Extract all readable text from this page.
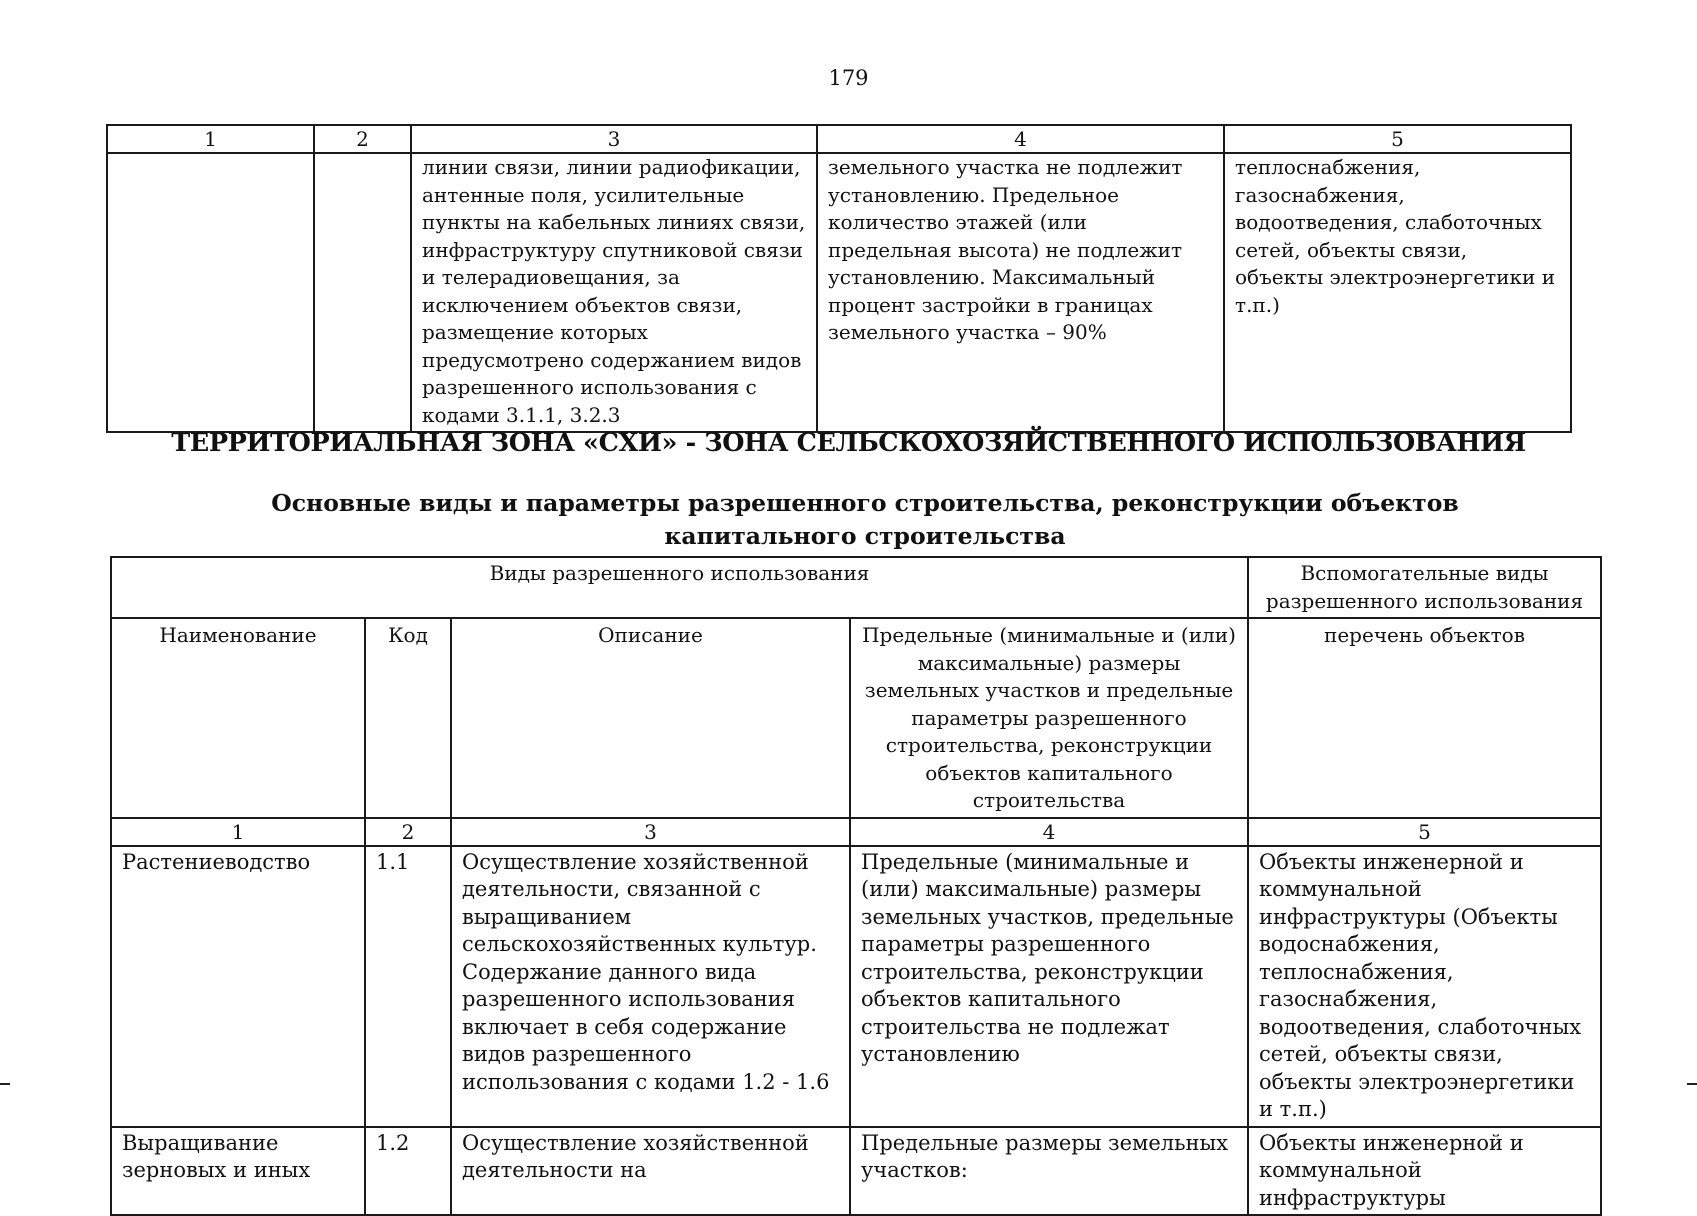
179
1	2	3	4	5
		линии связи, линии радиофикации, антенные поля, усилительные пункты на кабельных линиях связи, инфраструктуру спутниковой связи и телерадиовещания, за исключением объектов связи, размещение которых предусмотрено содержанием видов разрешенного использования с кодами 3.1.1, 3.2.3	земельного участка не подлежит установлению. Предельное количество этажей (или предельная высота) не подлежит установлению. Максимальный процент застройки в границах земельного участка – 90%	теплоснабжения, газоснабжения, водоотведения, слаботочных сетей, объекты связи, объекты электроэнергетики и т.п.)
ТЕРРИТОРИАЛЬНАЯ ЗОНА «СХИ» - ЗОНА СЕЛЬСКОХОЗЯЙСТВЕННОГО ИСПОЛЬЗОВАНИЯ
Основные виды и параметры разрешенного строительства, реконструкции объектов капитального строительства
Виды разрешенного использования				Вспомогательные виды разрешенного использования
Наименование	Код	Описание	Предельные (минимальные и (или) максимальные) размеры земельных участков и предельные параметры разрешенного строительства, реконструкции объектов капитального строительства	перечень объектов
1	2	3	4	5
Растениеводство	1.1	Осуществление хозяйственной деятельности, связанной с выращиванием сельскохозяйственных культур. Содержание данного вида разрешенного использования включает в себя содержание видов разрешенного использования с кодами 1.2 - 1.6	Предельные (минимальные и (или) максимальные) размеры земельных участков, предельные параметры разрешенного строительства, реконструкции объектов капитального строительства не подлежат установлению	Объекты инженерной и коммунальной инфраструктуры (Объекты водоснабжения, теплоснабжения, газоснабжения, водоотведения, слаботочных сетей, объекты связи, объекты электроэнергетики и т.п.)
Выращивание зерновых и иных	1.2	Осуществление хозяйственной деятельности на	Предельные размеры земельных участков:	Объекты инженерной и коммунальной инфраструктуры
